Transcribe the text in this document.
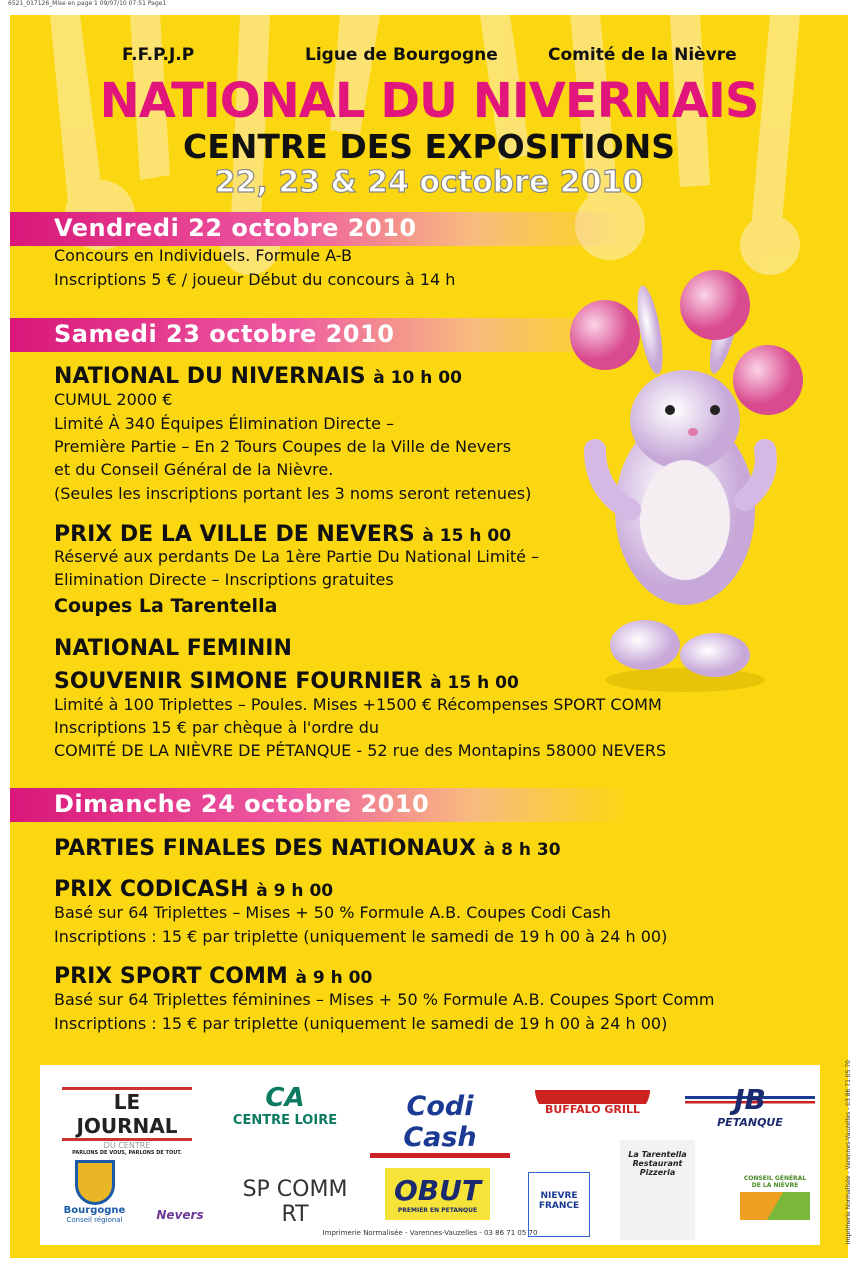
6521_017126_Mise en page 1 09/07/10 07:51 Page1
F.F.P.J.P	Ligue de Bourgogne	Comité de la Nièvre
NATIONAL DU NIVERNAIS
CENTRE DES EXPOSITIONS
22, 23 & 24 octobre 2010
Vendredi 22 octobre 2010
Concours en Individuels. Formule A-B
Inscriptions 5 € / joueur Début du concours à 14 h
Samedi 23 octobre 2010
NATIONAL DU NIVERNAIS à 10 h 00
CUMUL 2000 €
Limité À 340 Équipes Élimination Directe –
Première Partie – En 2 Tours Coupes de la Ville de Nevers
et du Conseil Général de la Nièvre.
(Seules les inscriptions portant les 3 noms seront retenues)
PRIX DE LA VILLE DE NEVERS à 15 h 00
Réservé aux perdants De La 1ère Partie Du National Limité –
Elimination Directe – Inscriptions gratuites
Coupes La Tarentella
NATIONAL FEMININ
SOUVENIR SIMONE FOURNIER à 15 h 00
Limité à 100 Triplettes – Poules. Mises +1500 € Récompenses SPORT COMM
Inscriptions 15 € par chèque à l'ordre du
COMITÉ DE LA NIÈVRE DE PÉTANQUE - 52 rue des Montapins 58000 NEVERS
Dimanche 24 octobre 2010
PARTIES FINALES DES NATIONAUX à 8 h 30
PRIX CODICASH à 9 h 00
Basé sur 64 Triplettes – Mises + 50 % Formule A.B. Coupes Codi Cash
Inscriptions : 15 € par triplette (uniquement le samedi de 19 h 00 à 24 h 00)
PRIX SPORT COMM à 9 h 00
Basé sur 64 Triplettes féminines – Mises + 50 % Formule A.B. Coupes Sport Comm
Inscriptions : 15 € par triplette (uniquement le samedi de 19 h 00 à 24 h 00)
LE JOURNAL
DU CENTRE
PARLONS DE VOUS, PARLONS DE TOUT.
CA
CENTRE LOIRE	Codi Cash
BUFFALO GRILL	JB
PETANQUE
Bourgogne
Conseil régional	Nevers
SP COMM RT
OBUT
PREMIER EN PETANQUE
NIEVRE FRANCE
La Tarentella Restaurant Pizzeria
CONSEIL GÉNÉRAL DE LA NIÈVRE
Imprimerie Normalisée - Varennes-Vauzelles - 03 86 71 05 70	Imprimerie Normalisée - Varennes-Vauzelles - 03 86 71 05 70
